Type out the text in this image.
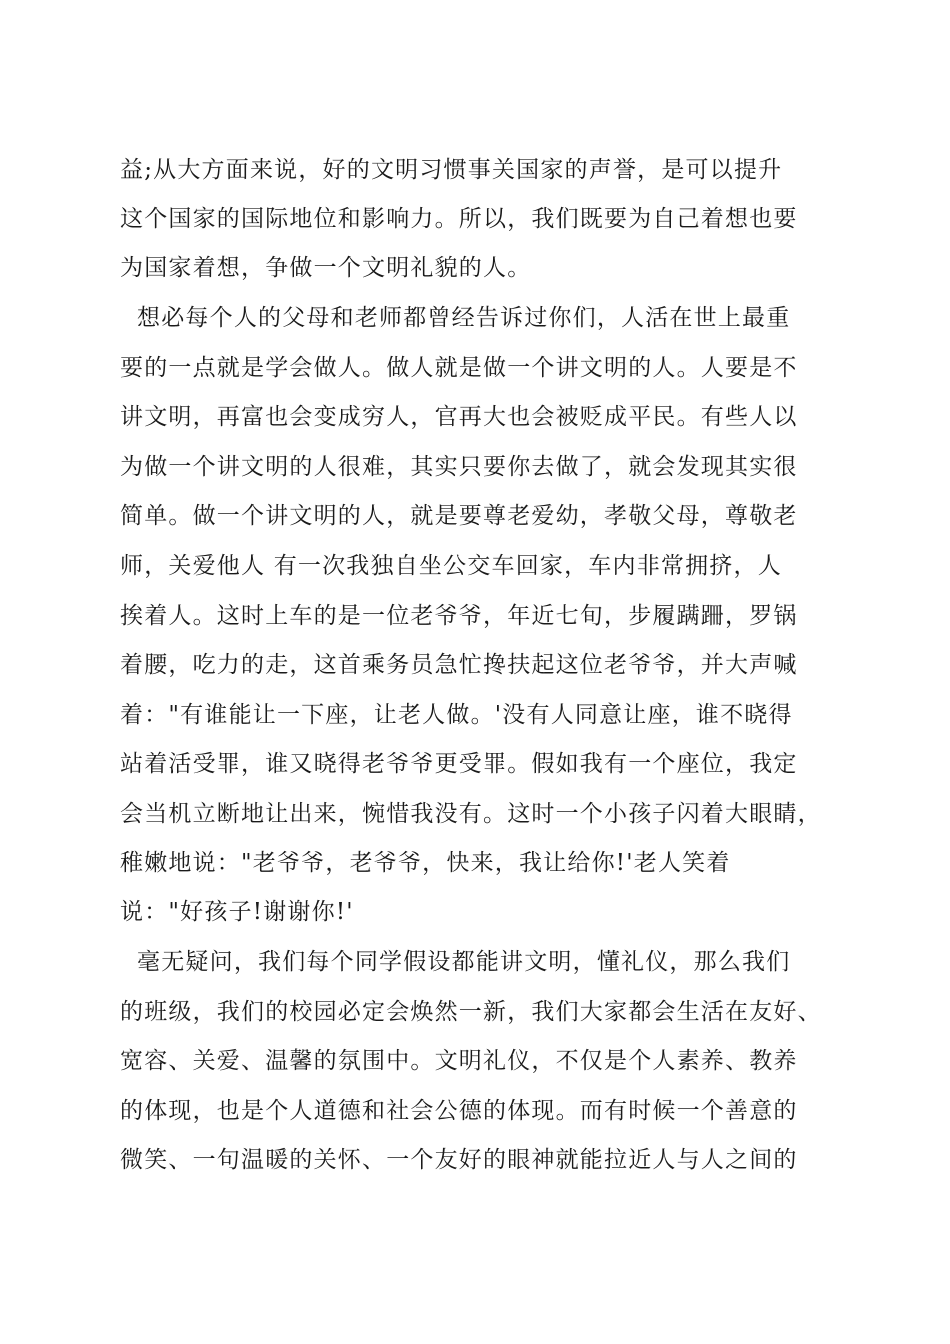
益;从大方面来说，好的文明习惯事关国家的声誉，是可以提升
这个国家的国际地位和影响力。所以，我们既要为自己着想也要
为国家着想，争做一个文明礼貌的人。
想必每个人的父母和老师都曾经告诉过你们，人活在世上最重
要的一点就是学会做人。做人就是做一个讲文明的人。人要是不
讲文明，再富也会变成穷人，官再大也会被贬成平民。有些人以
为做一个讲文明的人很难，其实只要你去做了，就会发现其实很
简单。做一个讲文明的人，就是要尊老爱幼，孝敬父母，尊敬老
师，关爱他人 有一次我独自坐公交车回家，车内非常拥挤，人
挨着人。这时上车的是一位老爷爷，年近七旬，步履蹒跚，罗锅
着腰，吃力的走，这首乘务员急忙搀扶起这位老爷爷，并大声喊
着："有谁能让一下座，让老人做。'没有人同意让座，谁不晓得
站着活受罪，谁又晓得老爷爷更受罪。假如我有一个座位，我定
会当机立断地让出来，惋惜我没有。这时一个小孩子闪着大眼睛，
稚嫩地说："老爷爷，老爷爷，快来，我让给你!'老人笑着
说："好孩子!谢谢你!'
毫无疑问，我们每个同学假设都能讲文明，懂礼仪，那么我们
的班级，我们的校园必定会焕然一新，我们大家都会生活在友好、
宽容、关爱、温馨的氛围中。文明礼仪，不仅是个人素养、教养
的体现，也是个人道德和社会公德的体现。而有时候一个善意的
微笑、一句温暖的关怀、一个友好的眼神就能拉近人与人之间的
